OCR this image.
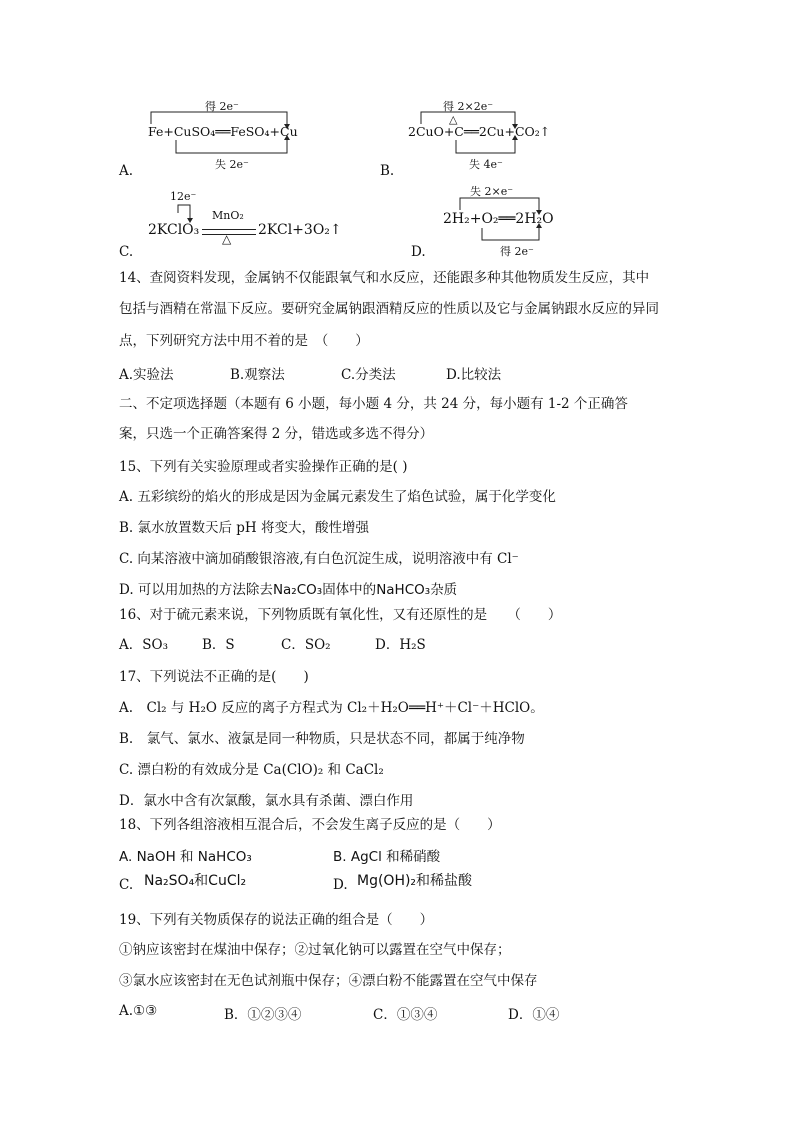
得 2e⁻
Fe+CuSO₄══FeSO₄+Cu
失 2e⁻
A.
得 2×2e⁻
△
2CuO+C══2Cu+CO₂↑
失 4e⁻
B.
12e⁻
2KClO₃
MnO₂
△
2KCl+3O₂↑
C.
失 2×e⁻
2H₂+O₂══2H₂O
得 2e⁻
D.
14、查阅资料发现，金属钠不仅能跟氧气和水反应，还能跟多种其他物质发生反应，其中
包括与酒精在常温下反应。要研究金属钠跟酒精反应的性质以及它与金属钠跟水反应的异同
点，下列研究方法中用不着的是　（　　）
A.实验法	B.观察法	C.分类法	D.比较法
二、不定项选择题（本题有 6 小题，每小题 4 分，共 24 分，每小题有 1-2 个正确答
案，只选一个正确答案得 2 分，错选或多选不得分）
15、下列有关实验原理或者实验操作正确的是( )
A. 五彩缤纷的焰火的形成是因为金属元素发生了焰色试验，属于化学变化
B. 氯水放置数天后 pH 将变大，酸性增强
C. 向某溶液中滴加硝酸银溶液,有白色沉淀生成，说明溶液中有 Cl⁻
D. 可以用加热的方法除去Na₂CO₃固体中的NaHCO₃杂质
16、对于硫元素来说，下列物质既有氧化性，又有还原性的是　　（　　）
A．SO₃	B．S	C．SO₂	D．H₂S
17、下列说法不正确的是(　　)
A.　Cl₂ 与 H₂O 反应的离子方程式为 Cl₂＋H₂O══H⁺＋Cl⁻＋HClO。
B.　氯气、氯水、液氯是同一种物质，只是状态不同，都属于纯净物
C. 漂白粉的有效成分是 Ca(ClO)₂ 和 CaCl₂
D．氯水中含有次氯酸，氯水具有杀菌、漂白作用
18、下列各组溶液相互混合后，不会发生离子反应的是（　　）
A. NaOH 和 NaHCO₃	B. AgCl 和稀硝酸
C. Na₂SO₄和CuCl₂	D. Mg(OH)₂和稀盐酸
19、下列有关物质保存的说法正确的组合是（　　）
①钠应该密封在煤油中保存；②过氧化钠可以露置在空气中保存；
③氯水应该密封在无色试剂瓶中保存；④漂白粉不能露置在空气中保存
A.①③	B．①②③④	C．①③④	D．①④
